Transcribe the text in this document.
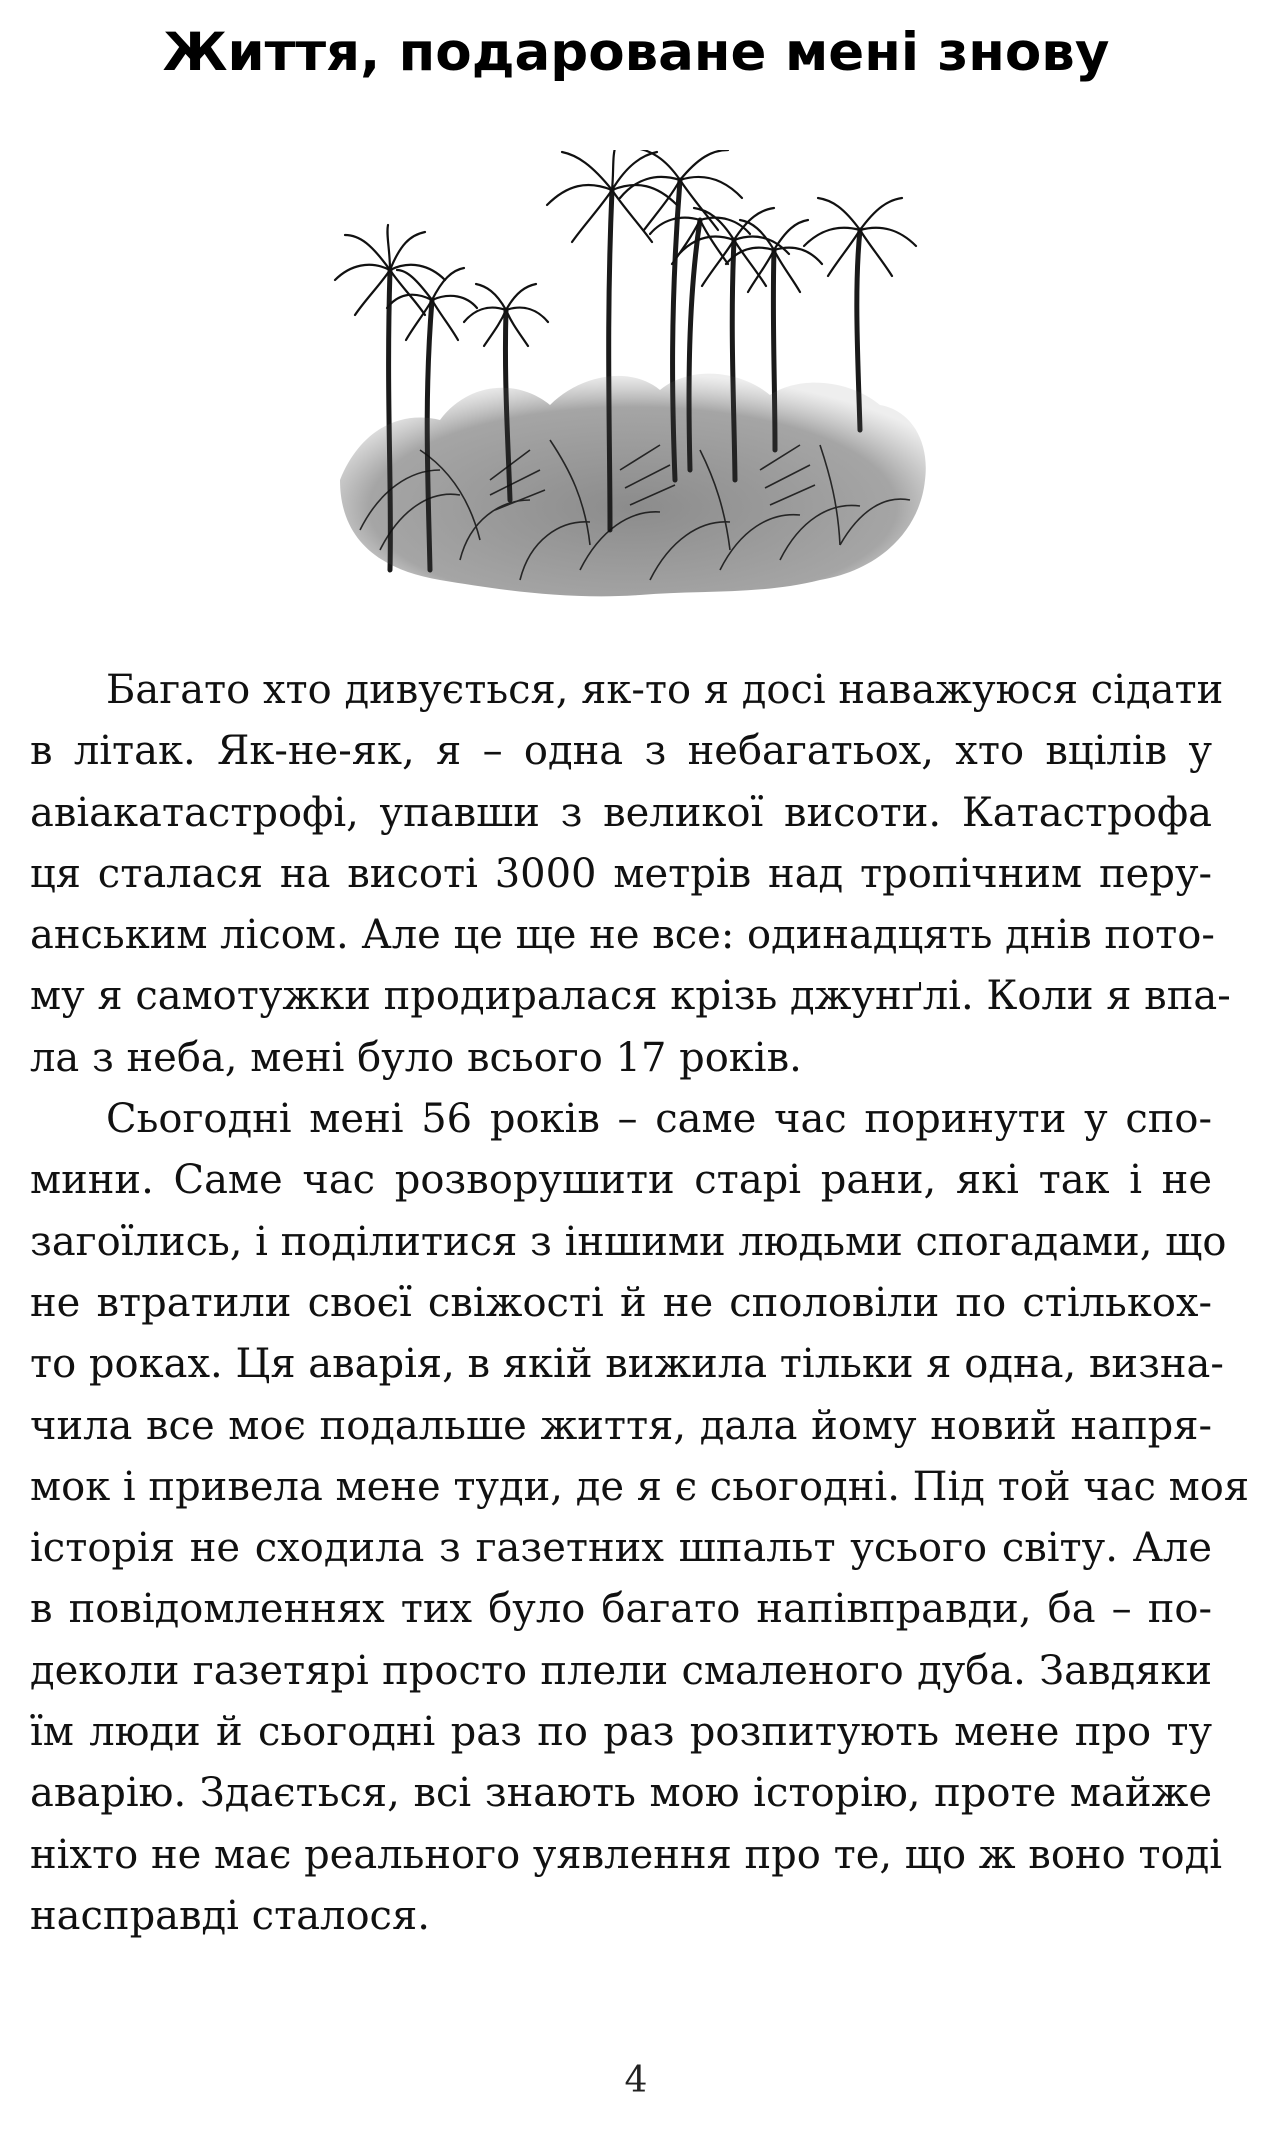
Життя, подароване мені знову

Багато хто дивується, як-то я досі наважуюся сідати
в літак. Як-не-як, я – одна з небагатьох, хто вцілів у
авіакатастрофі, упавши з великої висоти. Катастрофа
ця сталася на висоті 3000 метрів над тропічним перу-
анським лісом. Але це ще не все: одинадцять днів пото-
му я самотужки продиралася крізь джунґлі. Коли я впа-
ла з неба, мені було всього 17 років.

Сьогодні мені 56 років – саме час поринути у спо-
мини. Саме час розворушити старі рани, які так і не
загоїлись, і поділитися з іншими людьми спогадами, що
не втратили своєї свіжості й не споловіли по стількох-
то роках. Ця аварія, в якій вижила тільки я одна, визна-
чила все моє подальше життя, дала йому новий напря-
мок і привела мене туди, де я є сьогодні. Під той час моя
історія не сходила з газетних шпальт усього світу. Але
в повідомленнях тих було багато напівправди, ба – по-
деколи газетярі просто плели смаленого дуба. Завдяки
їм люди й сьогодні раз по раз розпитують мене про ту
аварію. Здається, всі знають мою історію, проте майже
ніхто не має реального уявлення про те, що ж воно тоді
насправді сталося.

4
